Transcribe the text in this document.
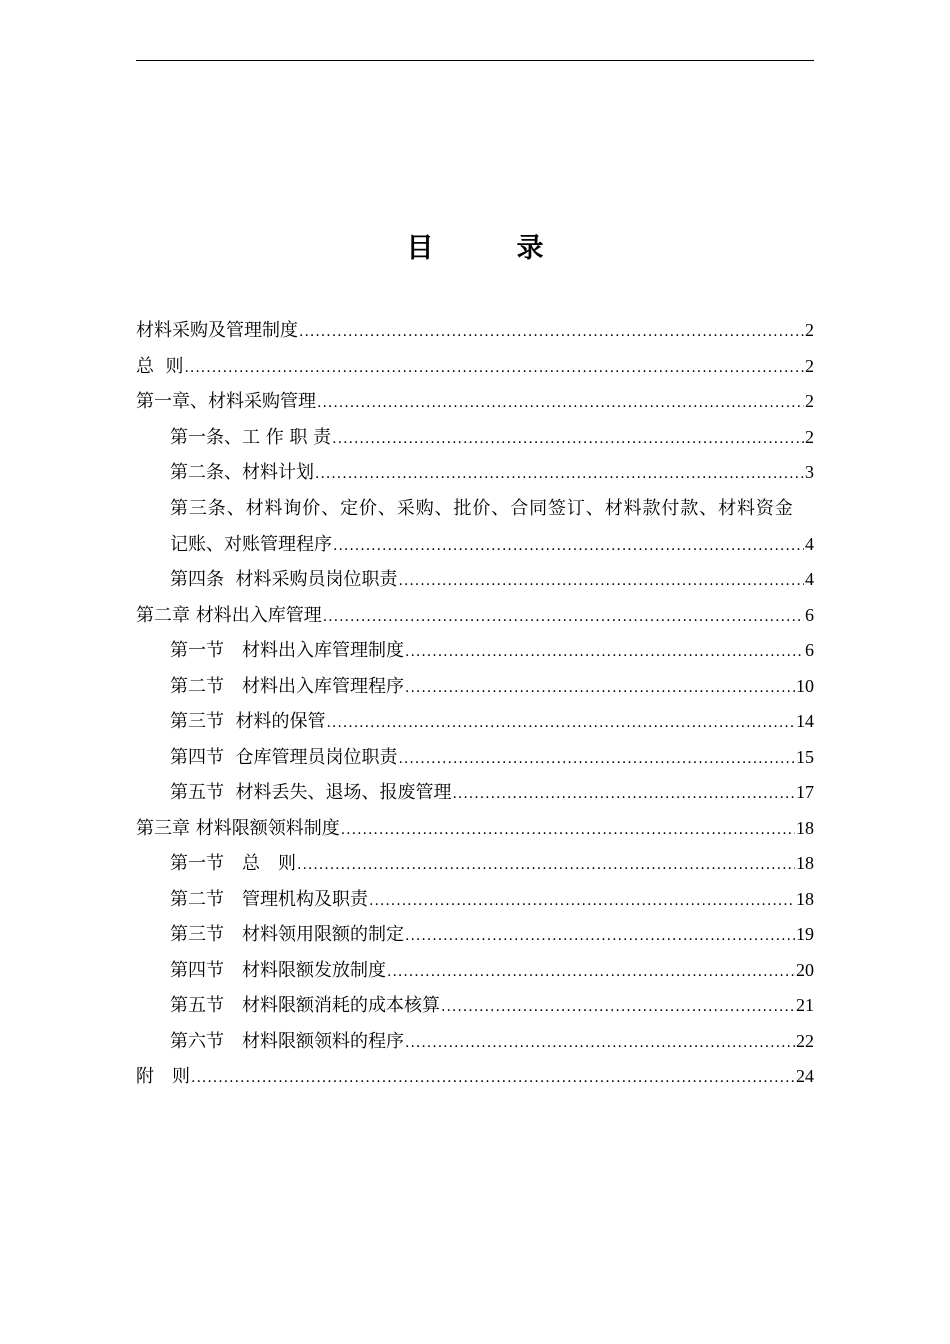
目　录
材料采购及管理制度 .....	2
总  则 .....	2
第一章、材料采购管理 .....	2
第一条、工 作 职 责 .....	2
第二条、材料计划 .....	3
第三条、材料询价、定价、采购、批价、合同签订、材料款付款、材料资金
记账、对账管理程序 .....	4
第四条  材料采购员岗位职责 .....	4
第二章 材料出入库管理 .....	6
第一节　材料出入库管理制度 .....	6
第二节　材料出入库管理程序 .....	10
第三节  材料的保管 .....	14
第四节  仓库管理员岗位职责 .....	15
第五节  材料丢失、退场、报废管理 .....	17
第三章 材料限额领料制度 .....	18
第一节　总　则 .....	18
第二节　管理机构及职责 .....	18
第三节　材料领用限额的制定 .....	19
第四节　材料限额发放制度 .....	20
第五节　材料限额消耗的成本核算 .....	21
第六节　材料限额领料的程序 .....	22
附　则 .....	24
